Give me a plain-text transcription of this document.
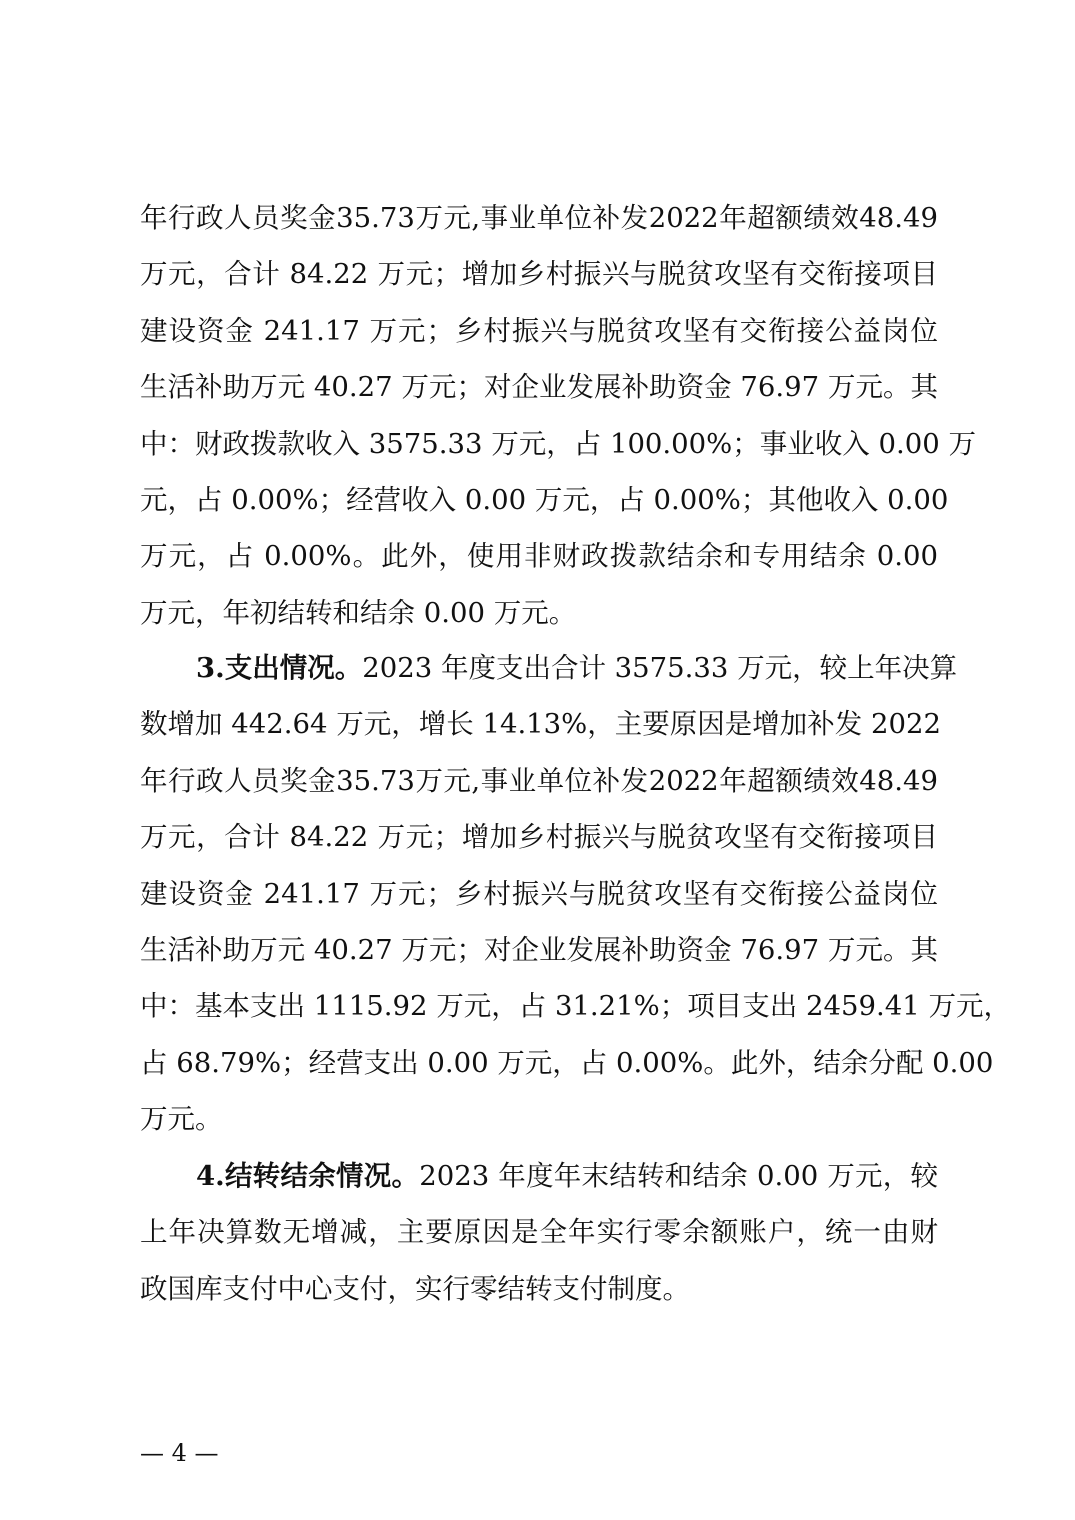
年行政人员奖金35.73万元,事业单位补发2022年超额绩效48.49
万元，合计 84.22 万元；增加乡村振兴与脱贫攻坚有交衔接项目
建设资金 241.17 万元；乡村振兴与脱贫攻坚有交衔接公益岗位
生活补助万元 40.27 万元；对企业发展补助资金 76.97 万元。其
中：财政拨款收入 3575.33 万元，占 100.00%；事业收入 0.00 万
元，占 0.00%；经营收入 0.00 万元，占 0.00%；其他收入 0.00
万元，占 0.00%。此外，使用非财政拨款结余和专用结余 0.00
万元，年初结转和结余 0.00 万元。
3.支出情况。2023 年度支出合计 3575.33 万元，较上年决算
数增加 442.64 万元，增长 14.13%，主要原因是增加补发 2022
年行政人员奖金35.73万元,事业单位补发2022年超额绩效48.49
万元，合计 84.22 万元；增加乡村振兴与脱贫攻坚有交衔接项目
建设资金 241.17 万元；乡村振兴与脱贫攻坚有交衔接公益岗位
生活补助万元 40.27 万元；对企业发展补助资金 76.97 万元。其
中：基本支出 1115.92 万元，占 31.21%；项目支出 2459.41 万元，
占 68.79%；经营支出 0.00 万元，占 0.00%。此外，结余分配 0.00
万元。
4.结转结余情况。2023 年度年末结转和结余 0.00 万元，较
上年决算数无增减，主要原因是全年实行零余额账户，统一由财
政国库支付中心支付，实行零结转支付制度。
— 4 —
